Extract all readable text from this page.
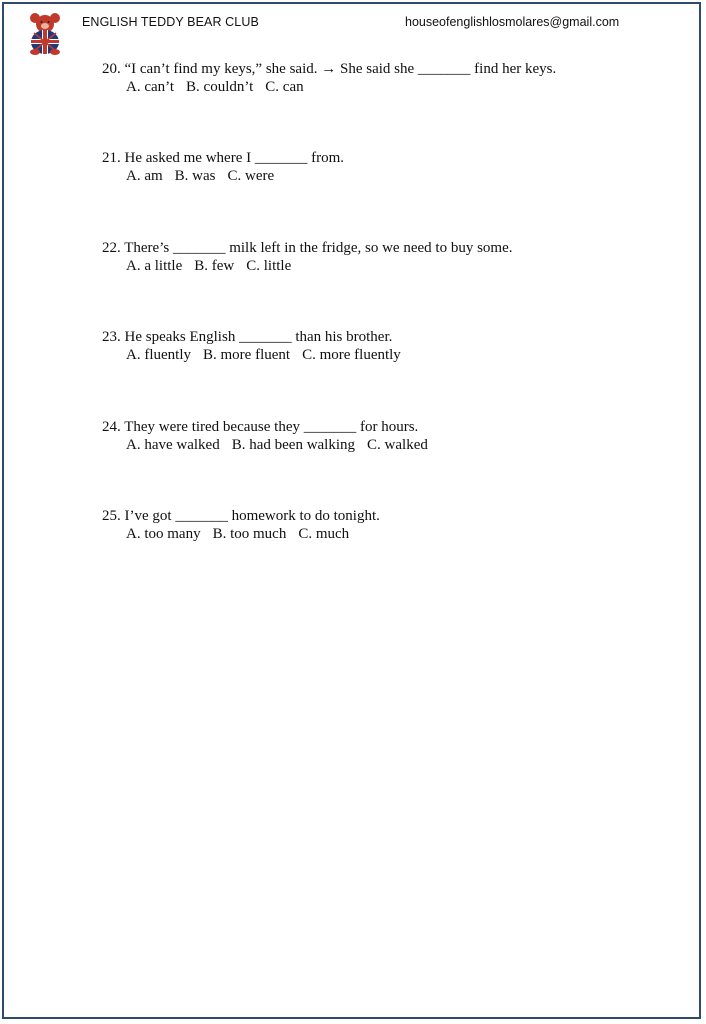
ENGLISH TEDDY BEAR CLUB	houseofenglishlosmolares@gmail.com
20. “I can’t find my keys,” she said. → She said she _______ find her keys.
A. can’t B. couldn’t C. can
21. He asked me where I _______ from.
A. am B. was C. were
22. There’s _______ milk left in the fridge, so we need to buy some.
A. a little B. few C. little
23. He speaks English _______ than his brother.
A. fluently B. more fluent C. more fluently
24. They were tired because they _______ for hours.
A. have walked B. had been walking C. walked
25. I’ve got _______ homework to do tonight.
A. too many B. too much C. much
